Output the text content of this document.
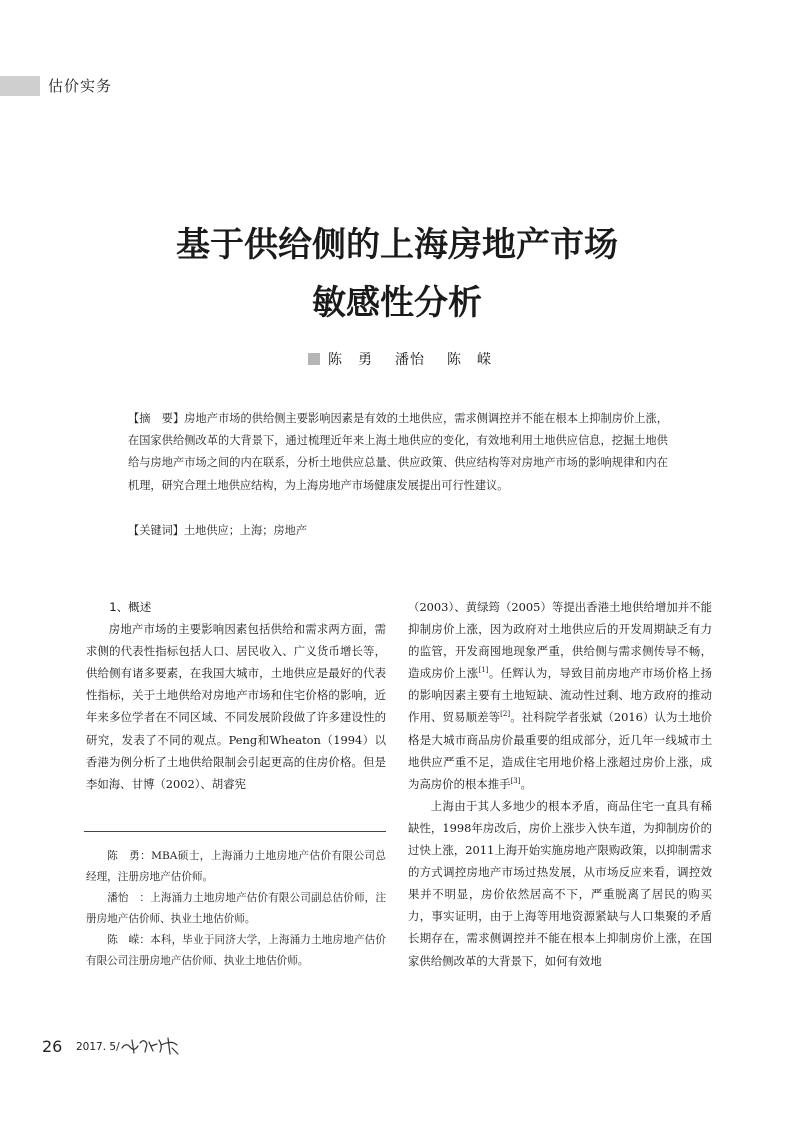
估价实务
基于供给侧的上海房地产市场
敏感性分析
陈　勇 潘怡 陈　嵘
【摘　要】房地产市场的供给侧主要影响因素是有效的土地供应，需求侧调控并不能在根本上抑制房价上涨，在国家供给侧改革的大背景下，通过梳理近年来上海土地供应的变化，有效地利用土地供应信息，挖掘土地供给与房地产市场之间的内在联系，分析土地供应总量、供应政策、供应结构等对房地产市场的影响规律和内在机理，研究合理土地供应结构，为上海房地产市场健康发展提出可行性建议。
【关键词】土地供应；上海；房地产

1、概述

房地产市场的主要影响因素包括供给和需求两方面，需求侧的代表性指标包括人口、居民收入、广义货币增长等，供给侧有诸多要素，在我国大城市，土地供应是最好的代表性指标，关于土地供给对房地产市场和住宅价格的影响，近年来多位学者在不同区域、不同发展阶段做了许多建设性的研究，发表了不同的观点。Peng和Wheaton（1994）以香港为例分析了土地供给限制会引起更高的住房价格。但是李如海、甘博（2002）、胡睿宪

（2003）、黄绿筠（2005）等提出香港土地供给增加并不能抑制房价上涨，因为政府对土地供应后的开发周期缺乏有力的监管，开发商囤地现象严重，供给侧与需求侧传导不畅，造成房价上涨[1]。任辉认为，导致目前房地产市场价格上扬的影响因素主要有土地短缺、流动性过剩、地方政府的推动作用、贸易顺差等[2]。社科院学者张斌（2016）认为土地价格是大城市商品房价最重要的组成部分，近几年一线城市土地供应严重不足，造成住宅用地价格上涨超过房价上涨，成为高房价的根本推手[3]。

上海由于其人多地少的根本矛盾，商品住宅一直具有稀缺性，1998年房改后，房价上涨步入快车道，为抑制房价的过快上涨，2011上海开始实施房地产限购政策，以抑制需求的方式调控房地产市场过热发展，从市场反应来看，调控效果并不明显，房价依然居高不下，严重脱离了居民的购买力，事实证明，由于上海等用地资源紧缺与人口集聚的矛盾长期存在，需求侧调控并不能在根本上抑制房价上涨，在国家供给侧改革的大背景下，如何有效地

陈　勇：MBA硕士，上海涌力土地房地产估价有限公司总经理，注册房地产估价师。

潘怡　：上海涌力土地房地产估价有限公司副总估价师，注册房地产估价师、执业土地估价师。

陈　嵘：本科，毕业于同济大学，上海涌力土地房地产估价有限公司注册房地产估价师、执业土地估价师。

26 2017. 5/
